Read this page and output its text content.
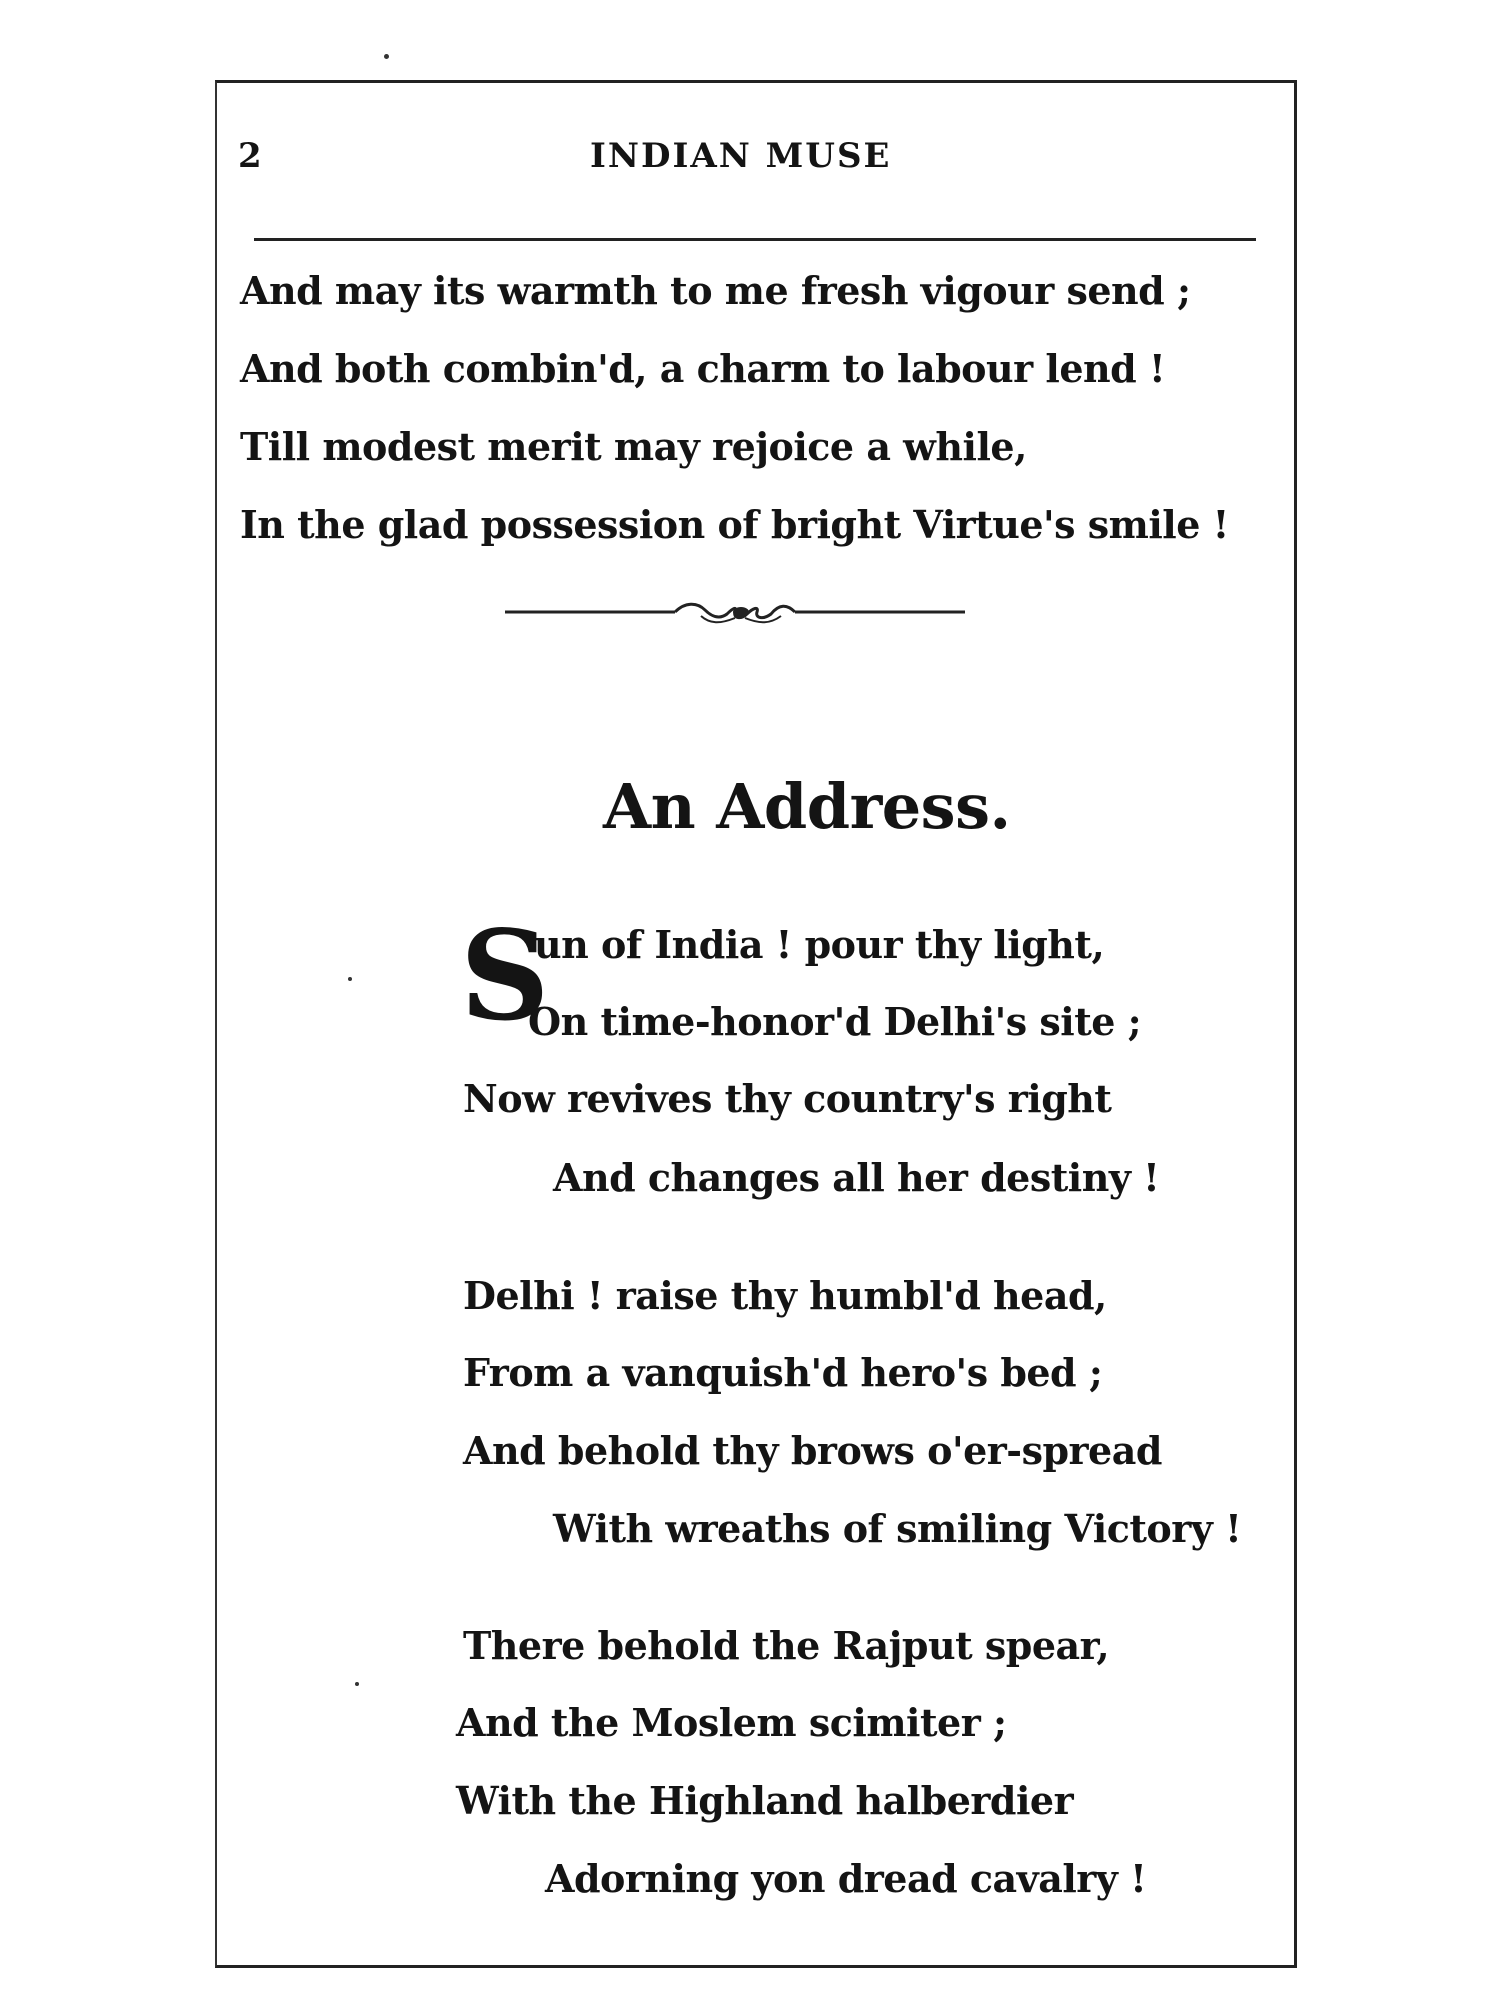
2	INDIAN MUSE
And may its warmth to me fresh vigour send ;
And both combin'd, a charm to labour lend !
Till modest merit may rejoice a while,
In the glad possession of bright Virtue's smile !
An Address.
S
un of India ! pour thy light,
On time-honor'd Delhi's site ;
Now revives thy country's right
And changes all her destiny !
Delhi ! raise thy humbl'd head,
From a vanquish'd hero's bed ;
And behold thy brows o'er-spread
With wreaths of smiling Victory !
There behold the Rajput spear,
And the Moslem scimiter ;
With the Highland halberdier
Adorning yon dread cavalry !
